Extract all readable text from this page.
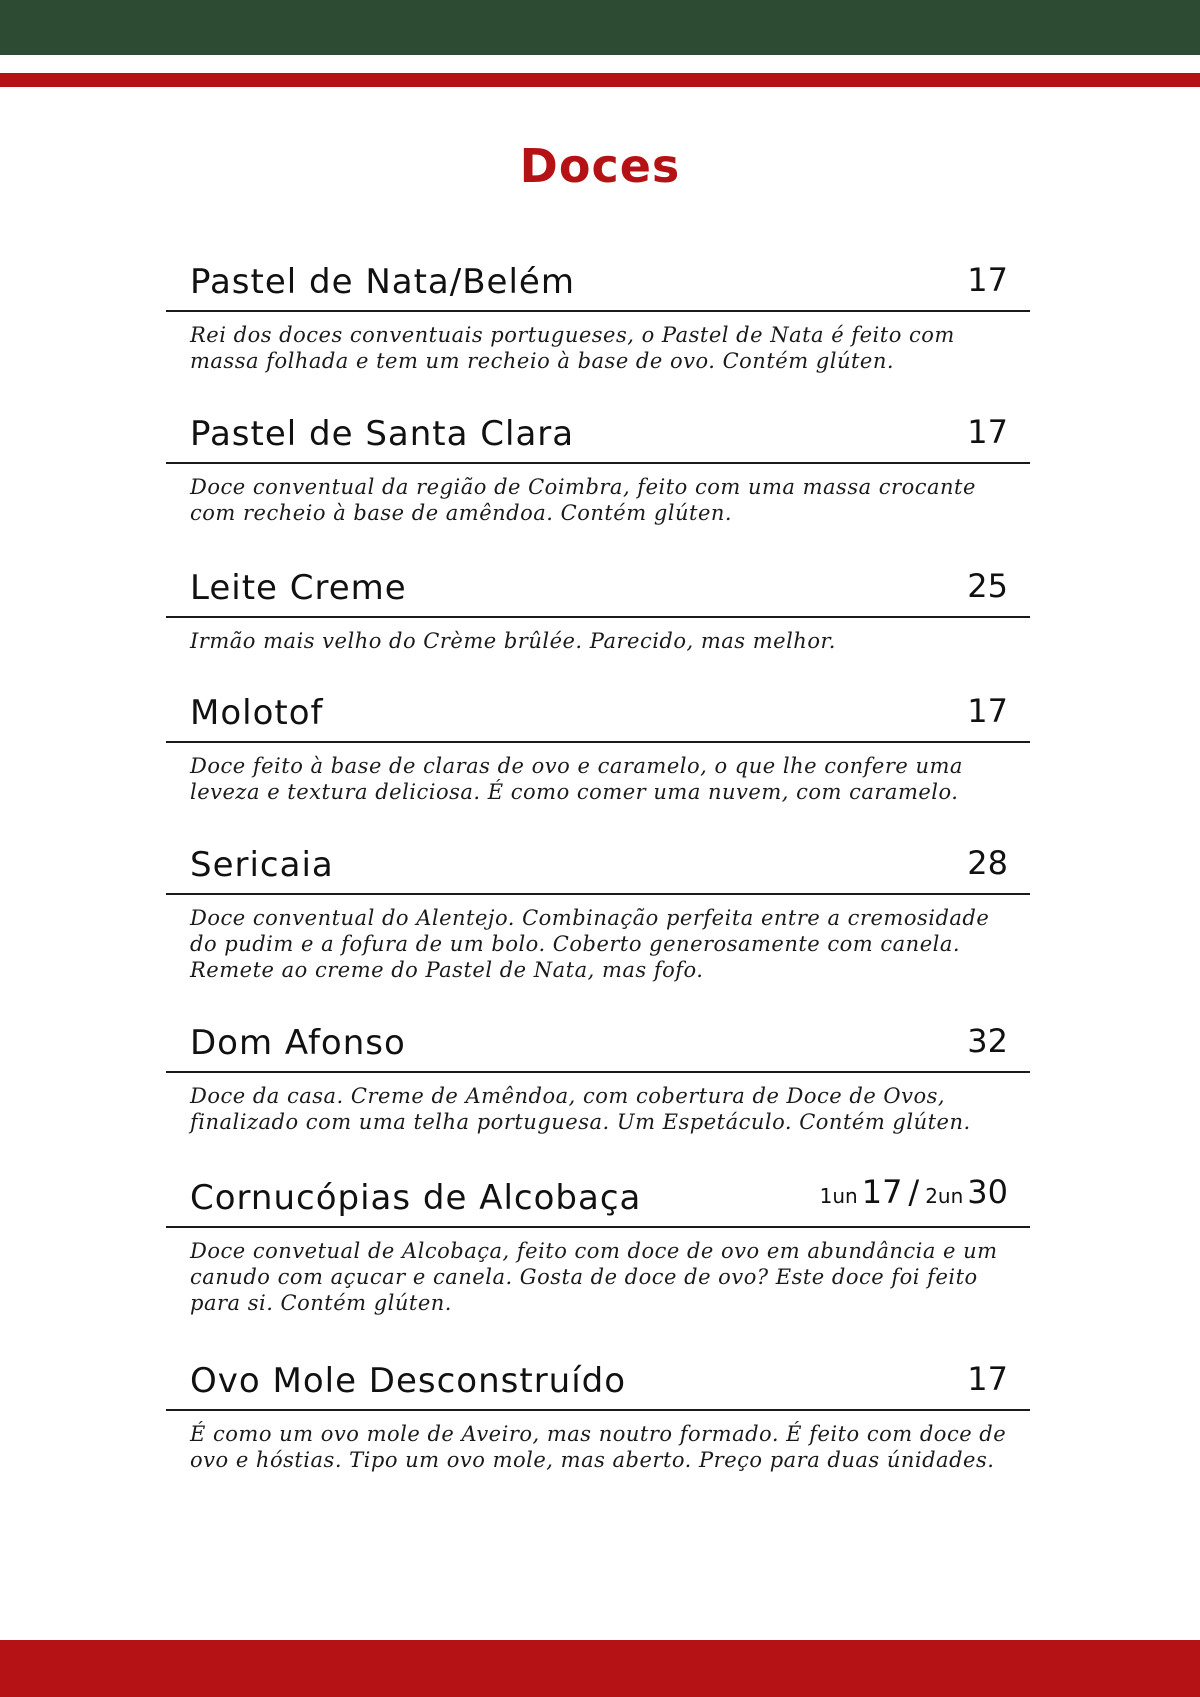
Doces
Pastel de Nata/Belém	17
Rei dos doces conventuais portugueses, o Pastel de Nata é feito com massa folhada e tem um recheio à base de ovo. Contém glúten.
Pastel de Santa Clara	17
Doce conventual da região de Coimbra, feito com uma massa crocante com recheio à base de amêndoa. Contém glúten.
Leite Creme	25
Irmão mais velho do Crème brûlée. Parecido, mas melhor.
Molotof	17
Doce feito à base de claras de ovo e caramelo, o que lhe confere uma leveza e textura deliciosa. É como comer uma nuvem, com caramelo.
Sericaia	28
Doce conventual do Alentejo. Combinação perfeita entre a cremosidade do pudim e a fofura de um bolo. Coberto generosamente com canela. Remete ao creme do Pastel de Nata, mas fofo.
Dom Afonso	32
Doce da casa. Creme de Amêndoa, com cobertura de Doce de Ovos, finalizado com uma telha portuguesa. Um Espetáculo. Contém glúten.
Cornucópias de Alcobaça	1un 17 / 2un 30
Doce convetual de Alcobaça, feito com doce de ovo em abundância e um canudo com açucar e canela. Gosta de doce de ovo? Este doce foi feito para si. Contém glúten.
Ovo Mole Desconstruído	17
É como um ovo mole de Aveiro, mas noutro formado. É feito com doce de ovo e hóstias. Tipo um ovo mole, mas aberto. Preço para duas únidades.
